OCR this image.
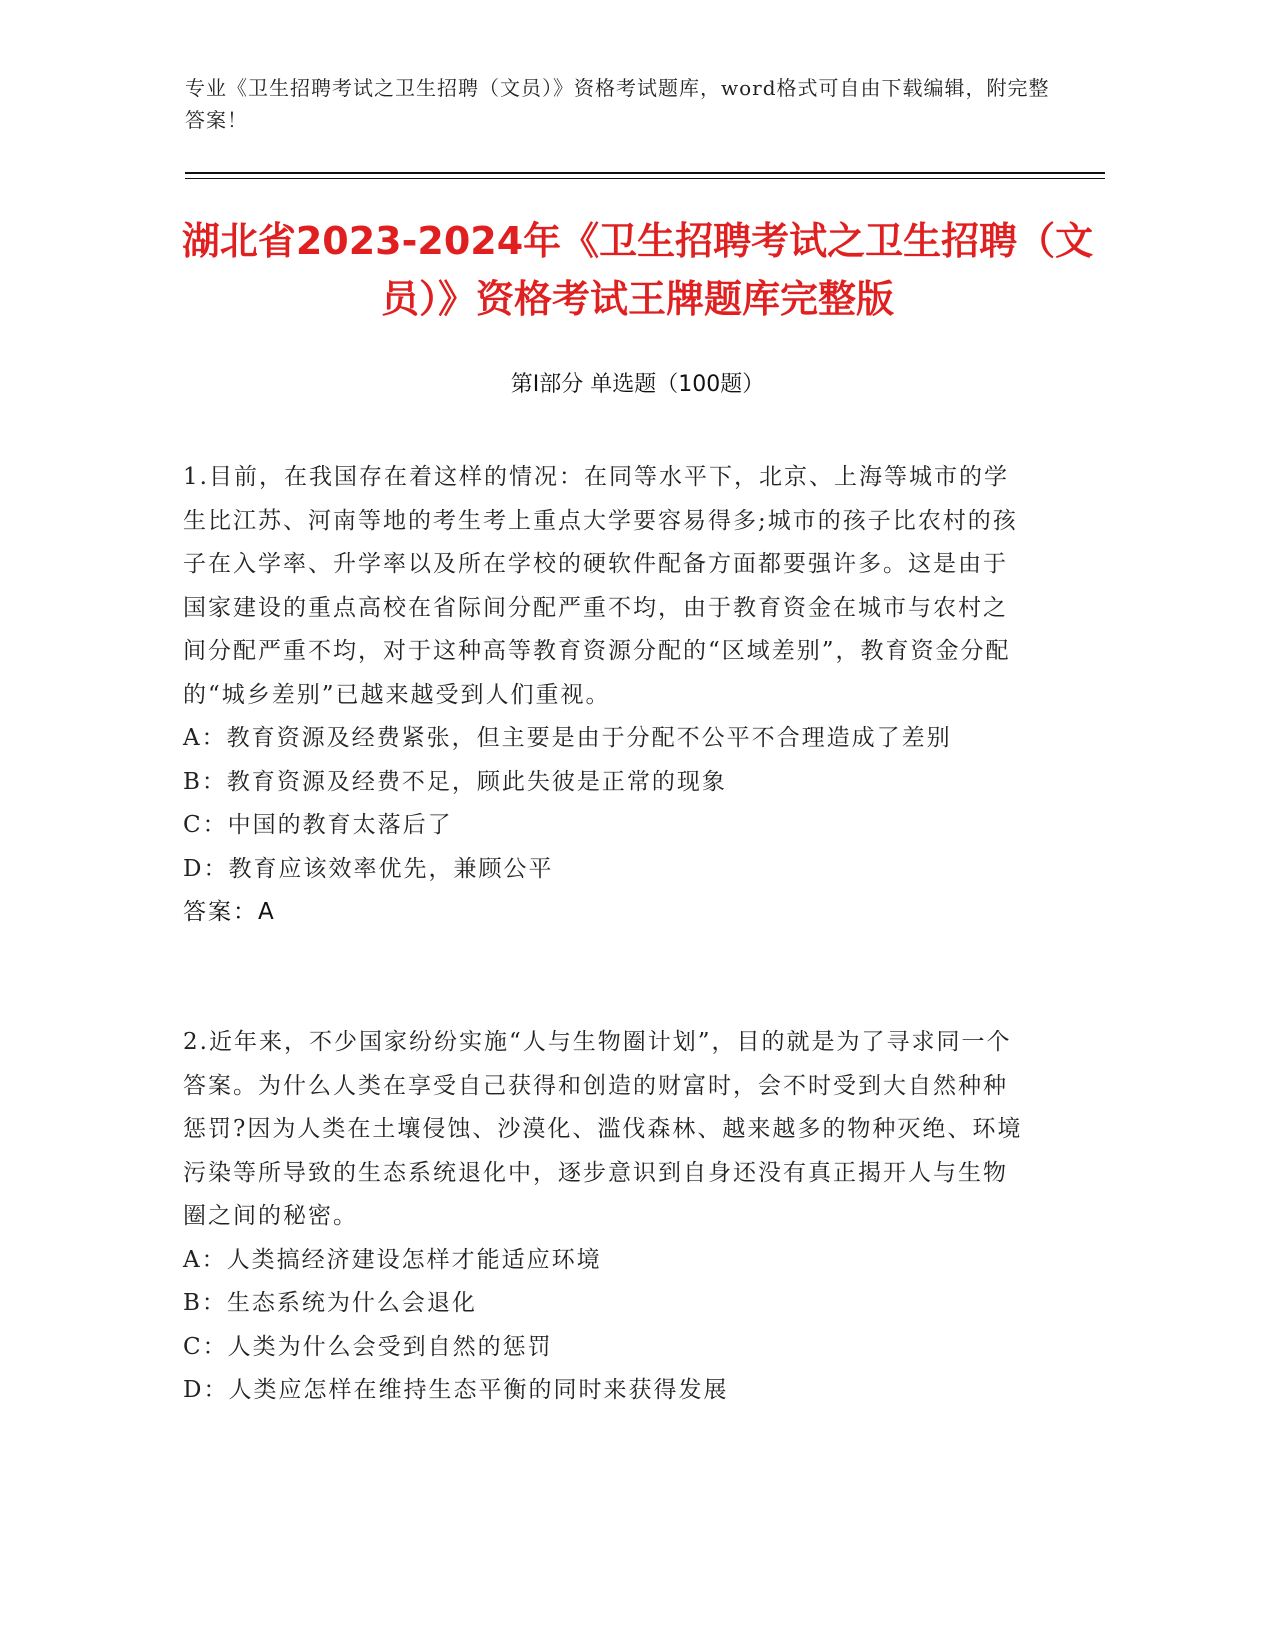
专业《卫生招聘考试之卫生招聘（文员）》资格考试题库，word格式可自由下载编辑，附完整答案！
湖北省2023-2024年《卫生招聘考试之卫生招聘（文员）》资格考试王牌题库完整版
第Ⅰ部分 单选题（100题）
1.目前，在我国存在着这样的情况：在同等水平下，北京、上海等城市的学生比江苏、河南等地的考生考上重点大学要容易得多;城市的孩子比农村的孩子在入学率、升学率以及所在学校的硬软件配备方面都要强许多。这是由于国家建设的重点高校在省际间分配严重不均，由于教育资金在城市与农村之间分配严重不均，对于这种高等教育资源分配的“区域差别”，教育资金分配的“城乡差别”已越来越受到人们重视。
A：教育资源及经费紧张，但主要是由于分配不公平不合理造成了差别
B：教育资源及经费不足，顾此失彼是正常的现象
C：中国的教育太落后了
D：教育应该效率优先，兼顾公平
答案：A
2.近年来，不少国家纷纷实施“人与生物圈计划”，目的就是为了寻求同一个答案。为什么人类在享受自己获得和创造的财富时，会不时受到大自然种种惩罚?因为人类在土壤侵蚀、沙漠化、滥伐森林、越来越多的物种灭绝、环境污染等所导致的生态系统退化中，逐步意识到自身还没有真正揭开人与生物圈之间的秘密。
A：人类搞经济建设怎样才能适应环境
B：生态系统为什么会退化
C：人类为什么会受到自然的惩罚
D：人类应怎样在维持生态平衡的同时来获得发展
